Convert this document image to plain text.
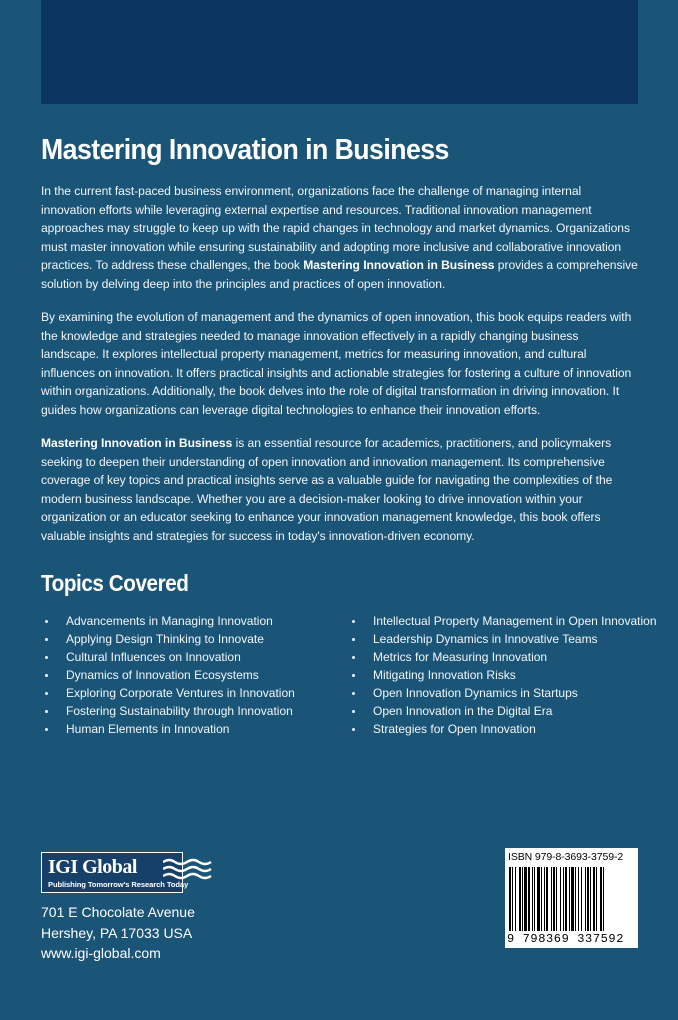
Mastering Innovation in Business

In the current fast-paced business environment, organizations face the challenge of managing internal innovation efforts while leveraging external expertise and resources. Traditional innovation management approaches may struggle to keep up with the rapid changes in technology and market dynamics. Organizations must master innovation while ensuring sustainability and adopting more inclusive and collaborative innovation practices. To address these challenges, the book Mastering Innovation in Business provides a comprehensive solution by delving deep into the principles and practices of open innovation.

By examining the evolution of management and the dynamics of open innovation, this book equips readers with the knowledge and strategies needed to manage innovation effectively in a rapidly changing business landscape. It explores intellectual property management, metrics for measuring innovation, and cultural influences on innovation. It offers practical insights and actionable strategies for fostering a culture of innovation within organizations. Additionally, the book delves into the role of digital transformation in driving innovation. It guides how organizations can leverage digital technologies to enhance their innovation efforts.

Mastering Innovation in Business is an essential resource for academics, practitioners, and policymakers seeking to deepen their understanding of open innovation and innovation management. Its comprehensive coverage of key topics and practical insights serve as a valuable guide for navigating the complexities of the modern business landscape. Whether you are a decision-maker looking to drive innovation within your organization or an educator seeking to enhance your innovation management knowledge, this book offers valuable insights and strategies for success in today's innovation-driven economy.

Topics Covered
Advancements in Managing Innovation
Applying Design Thinking to Innovate
Cultural Influences on Innovation
Dynamics of Innovation Ecosystems
Exploring Corporate Ventures in Innovation
Fostering Sustainability through Innovation
Human Elements in Innovation
Intellectual Property Management in Open Innovation
Leadership Dynamics in Innovative Teams
Metrics for Measuring Innovation
Mitigating Innovation Risks
Open Innovation Dynamics in Startups
Open Innovation in the Digital Era
Strategies for Open Innovation
IGI Global
Publishing Tomorrow's Research Today

701 E Chocolate Avenue
Hershey, PA 17033 USA
www.igi-global.com

ISBN 979-8-3693-3759-2
9 798369 337592
